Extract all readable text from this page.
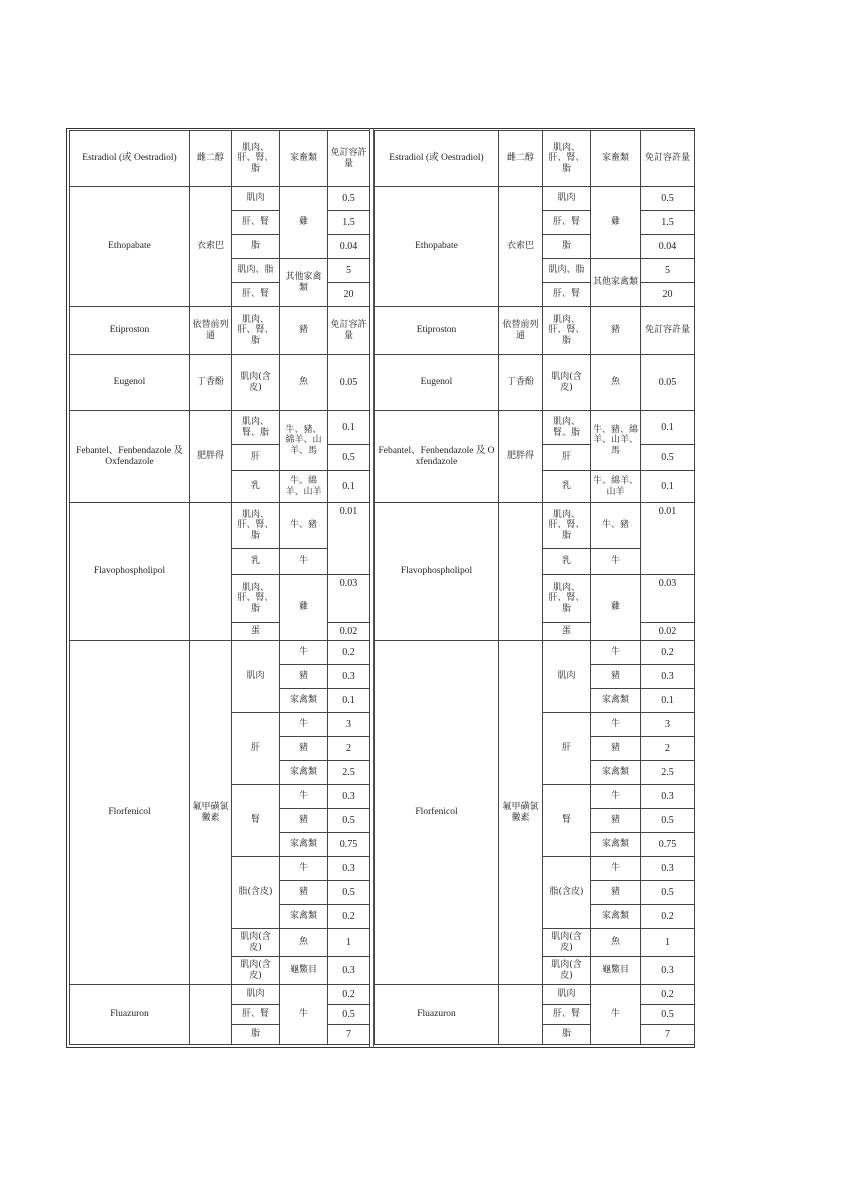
Estradiol (或 Oestradiol)	雌二醇	肌肉、肝、腎、脂	家畜類	免訂容許量
Ethopabate	衣索巴	肌肉	雞	0.5
		肝、腎		1.5
		脂		0.04
		肌肉、脂	其他家禽類	5
		肝、腎		20
Etiproston	依替前列通	肌肉、肝、腎、脂	豬	免訂容許量
Eugenol	丁香酚	肌肉(含皮)	魚	0.05
Febantel、Fenbendazole 及 Oxfendazole	肥胖得	肌肉、腎、脂	牛、豬、綿羊、山羊、馬	0.1
		肝		0.5
		乳	牛、綿羊、山羊	0.1
Flavophospholipol		肌肉、肝、腎、脂	牛、豬	0.01
		乳	牛	
		肌肉、肝、腎、脂	雞	0.03
		蛋		0.02
Florfenicol	氟甲磺氯黴素	肌肉	牛	0.2
			豬	0.3
			家禽類	0.1
		肝	牛	3
			豬	2
			家禽類	2.5
		腎	牛	0.3
			豬	0.5
			家禽類	0.75
		脂(含皮)	牛	0.3
			豬	0.5
			家禽類	0.2
		肌肉(含皮)	魚	1
		肌肉(含皮)	龜鱉目	0.3
Fluazuron		肌肉	牛	0.2
		肝、腎		0.5
		脂		7
Estradiol (或 Oestradiol)	雌二醇	肌肉、肝、腎、脂	家畜類	免訂容許量
Ethopabate	衣索巴	肌肉	雞	0.5
		肝、腎		1.5
		脂		0.04
		肌肉、脂	其他家禽類	5
		肝、腎		20
Etiproston	依替前列通	肌肉、肝、腎、脂	豬	免訂容許量
Eugenol	丁香酚	肌肉(含皮)	魚	0.05
Febantel、Fenbendazole 及 Oxfendazole	肥胖得	肌肉、腎、脂	牛、豬、綿羊、山羊、馬	0.1
		肝		0.5
		乳	牛、綿羊、山羊	0.1
Flavophospholipol		肌肉、肝、腎、脂	牛、豬	0.01
		乳	牛	
		肌肉、肝、腎、脂	雞	0.03
		蛋		0.02
Florfenicol	氟甲磺氯黴素	肌肉	牛	0.2
			豬	0.3
			家禽類	0.1
		肝	牛	3
			豬	2
			家禽類	2.5
		腎	牛	0.3
			豬	0.5
			家禽類	0.75
		脂(含皮)	牛	0.3
			豬	0.5
			家禽類	0.2
		肌肉(含皮)	魚	1
		肌肉(含皮)	龜鱉目	0.3
Fluazuron		肌肉	牛	0.2
		肝、腎		0.5
		脂		7
